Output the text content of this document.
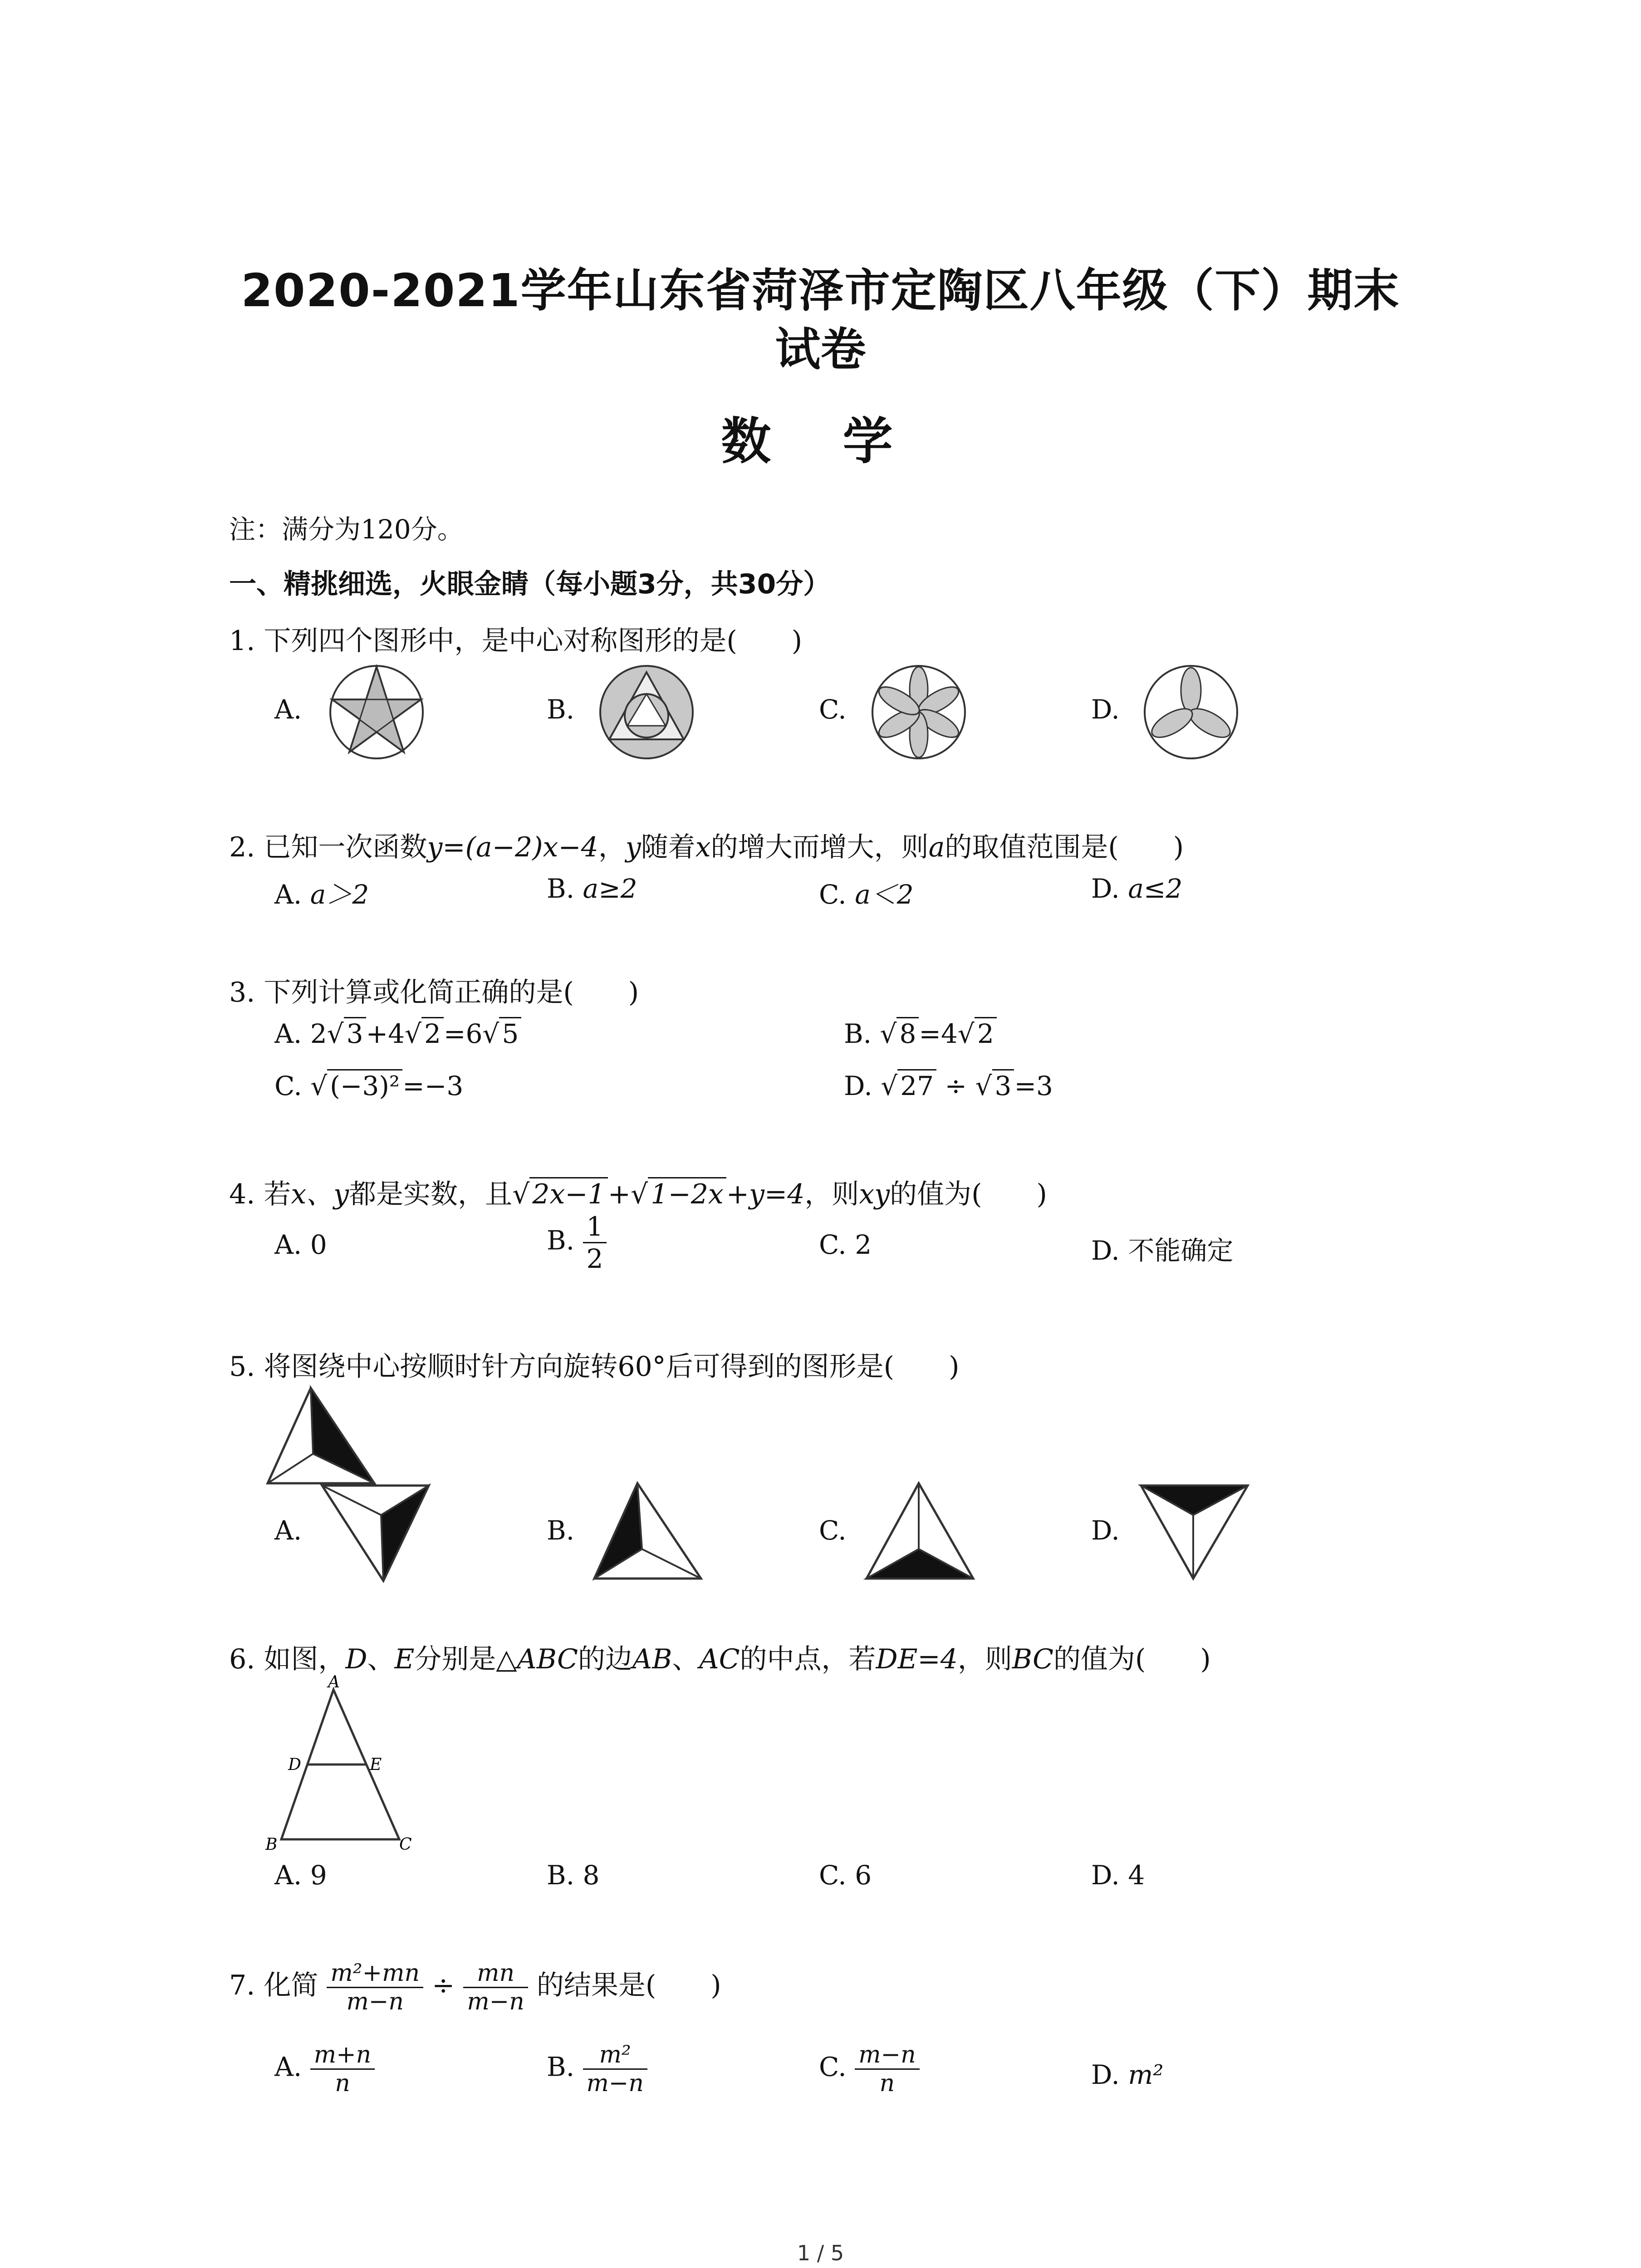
2020-2021学年山东省菏泽市定陶区八年级（下）期末
试卷
数 学
注：满分为120分。
一、精挑细选，火眼金睛（每小题3分，共30分）
1. 下列四个图形中，是中心对称图形的是(　　)
A.	B.	C.	D.
2. 已知一次函数y=(a−2)x−4，y随着x的增大而增大，则a的取值范围是(　　)
A. a＞2	B. a≥2	C. a＜2	D. a≤2
3. 下列计算或化简正确的是(　　)
A. 2√ 3 +4√ 2 =6√ 5	B. √ 8 =4√ 2
C. √ (−3)² =−3	D. √ 27 ÷ √ 3 =3
4. 若x、y都是实数，且√ 2x−1 +√ 1−2x +y=4，则xy的值为(　　)
A. 0	B. $\frac{1}{2}$	C. 2	D. 不能确定
5. 将图绕中心按顺时针方向旋转60°后可得到的图形是(　　)
A.	B.	C.	D.
6. 如图，D、E分别是△ABC的边AB、AC的中点，若DE=4，则BC的值为(　　)
A
D	E
B	C
A. 9	B. 8	C. 6	D. 4
7. 化简 $\frac{\text{m²+mn}}{m-n} \div \frac{mn}{m-n}$ 的结果是(　　)
A. $\frac{m+n}{n}$	B. $\frac{\text{m²}}{m-n}$	C. $\frac{m-n}{n}$	D. m²
1 / 5
